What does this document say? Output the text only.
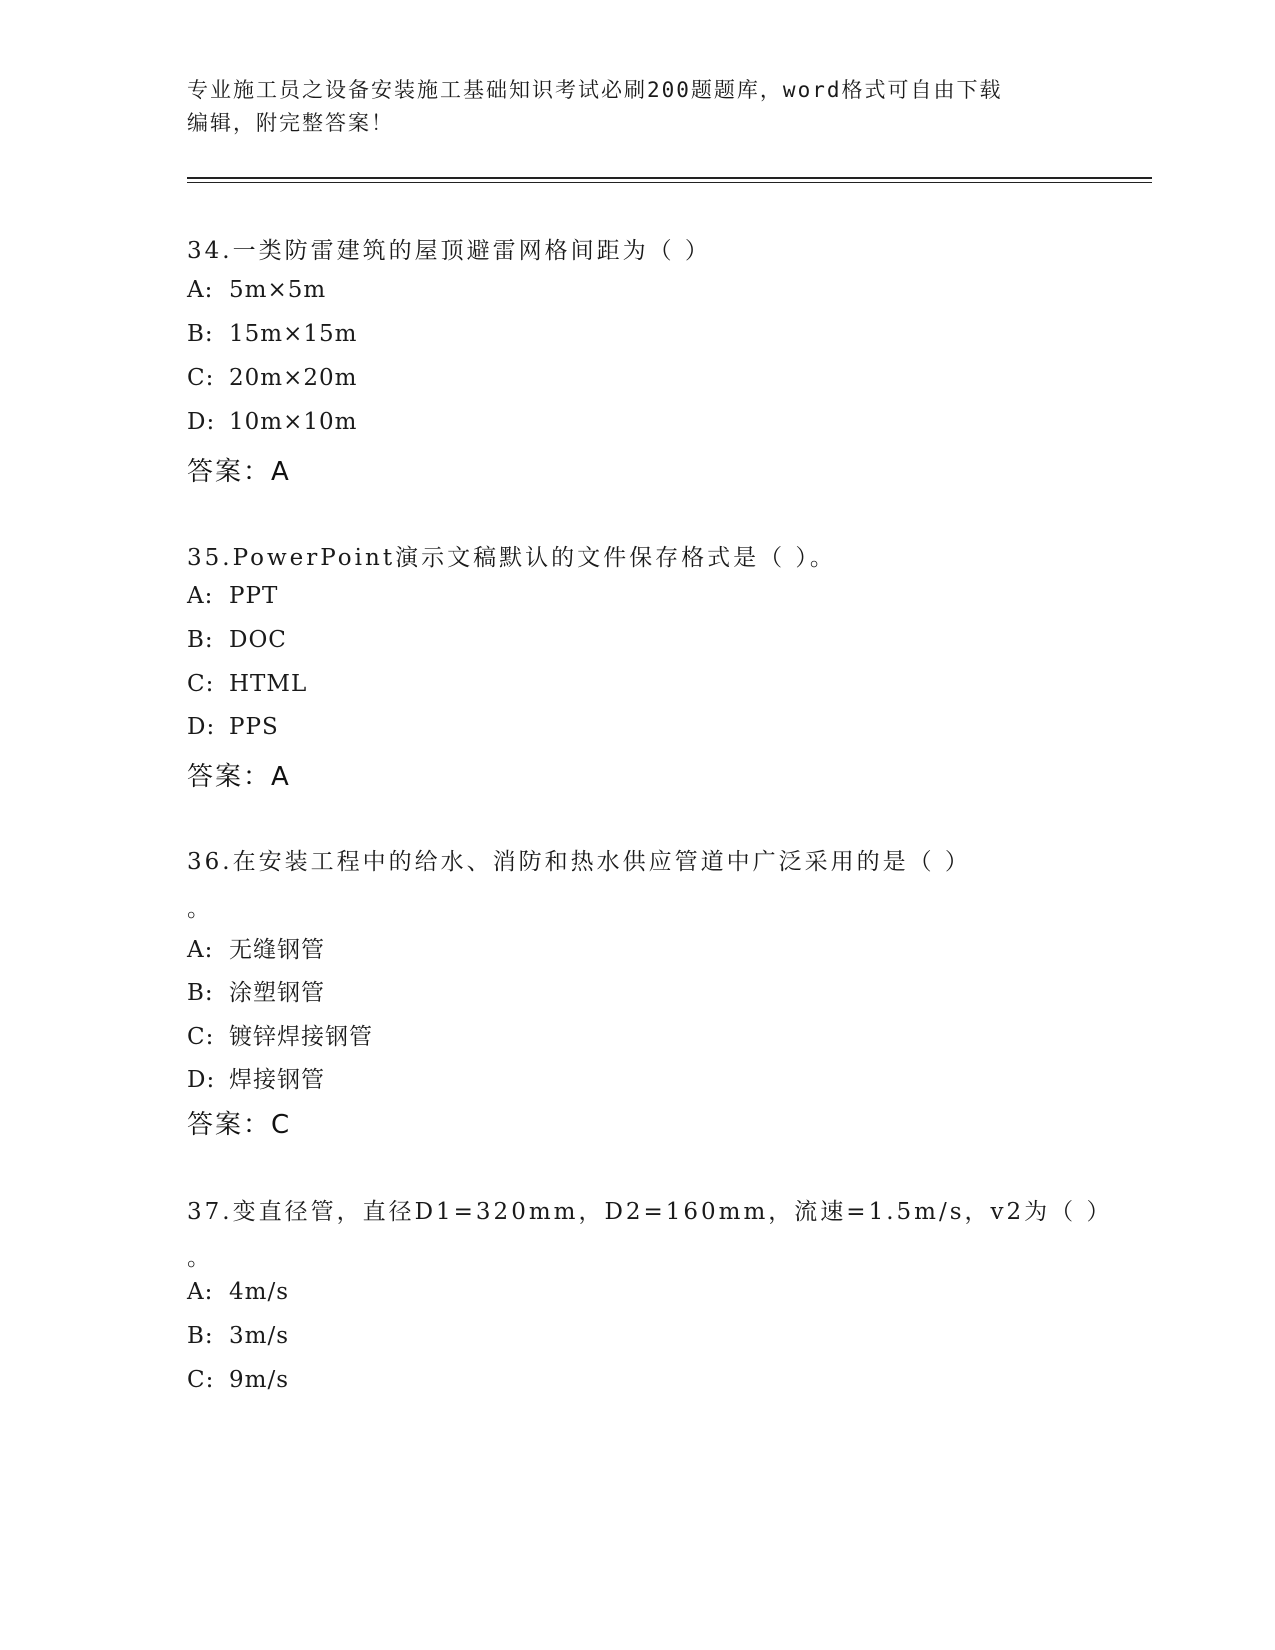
专业施工员之设备安装施工基础知识考试必刷200题题库，word格式可自由下载
编辑，附完整答案！
34.一类防雷建筑的屋顶避雷网格间距为（ ）
A: 5m×5m
B: 15m×15m
C: 20m×20m
D: 10m×10m
答案：A
35.PowerPoint演示文稿默认的文件保存格式是（ ）。
A: PPT
B: DOC
C: HTML
D: PPS
答案：A
36.在安装工程中的给水、消防和热水供应管道中广泛采用的是（ ）
。
A: 无缝钢管
B: 涂塑钢管
C: 镀锌焊接钢管
D: 焊接钢管
答案：C
37.变直径管，直径D1=320mm，D2=160mm，流速=1.5m/s，v2为（ ）
。
A: 4m/s
B: 3m/s
C: 9m/s
